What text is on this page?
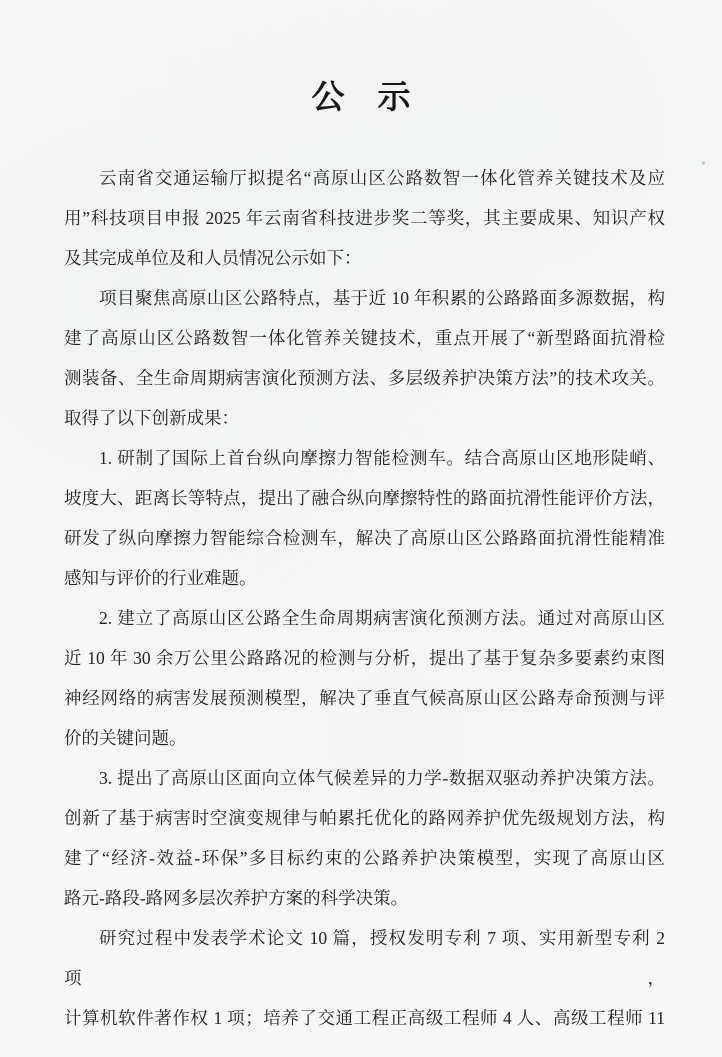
公　示
云南省交通运输厅拟提名“高原山区公路数智一体化管养关键技术及应
用”科技项目申报 2025 年云南省科技进步奖二等奖，其主要成果、知识产权
及其完成单位及和人员情况公示如下：
项目聚焦高原山区公路特点，基于近 10 年积累的公路路面多源数据，构
建了高原山区公路数智一体化管养关键技术，重点开展了“新型路面抗滑检
测装备、全生命周期病害演化预测方法、多层级养护决策方法”的技术攻关。
取得了以下创新成果：
1. 研制了国际上首台纵向摩擦力智能检测车。结合高原山区地形陡峭、
坡度大、距离长等特点，提出了融合纵向摩擦特性的路面抗滑性能评价方法，
研发了纵向摩擦力智能综合检测车，解决了高原山区公路路面抗滑性能精准
感知与评价的行业难题。
2. 建立了高原山区公路全生命周期病害演化预测方法。通过对高原山区
近 10 年 30 余万公里公路路况的检测与分析，提出了基于复杂多要素约束图
神经网络的病害发展预测模型，解决了垂直气候高原山区公路寿命预测与评
价的关键问题。
3. 提出了高原山区面向立体气候差异的力学-数据双驱动养护决策方法。
创新了基于病害时空演变规律与帕累托优化的路网养护优先级规划方法，构
建了“经济-效益-环保”多目标约束的公路养护决策模型，实现了高原山区
路元-路段-路网多层次养护方案的科学决策。
研究过程中发表学术论文 10 篇，授权发明专利 7 项、实用新型专利 2 项，
计算机软件著作权 1 项；培养了交通工程正高级工程师 4 人、高级工程师 11
